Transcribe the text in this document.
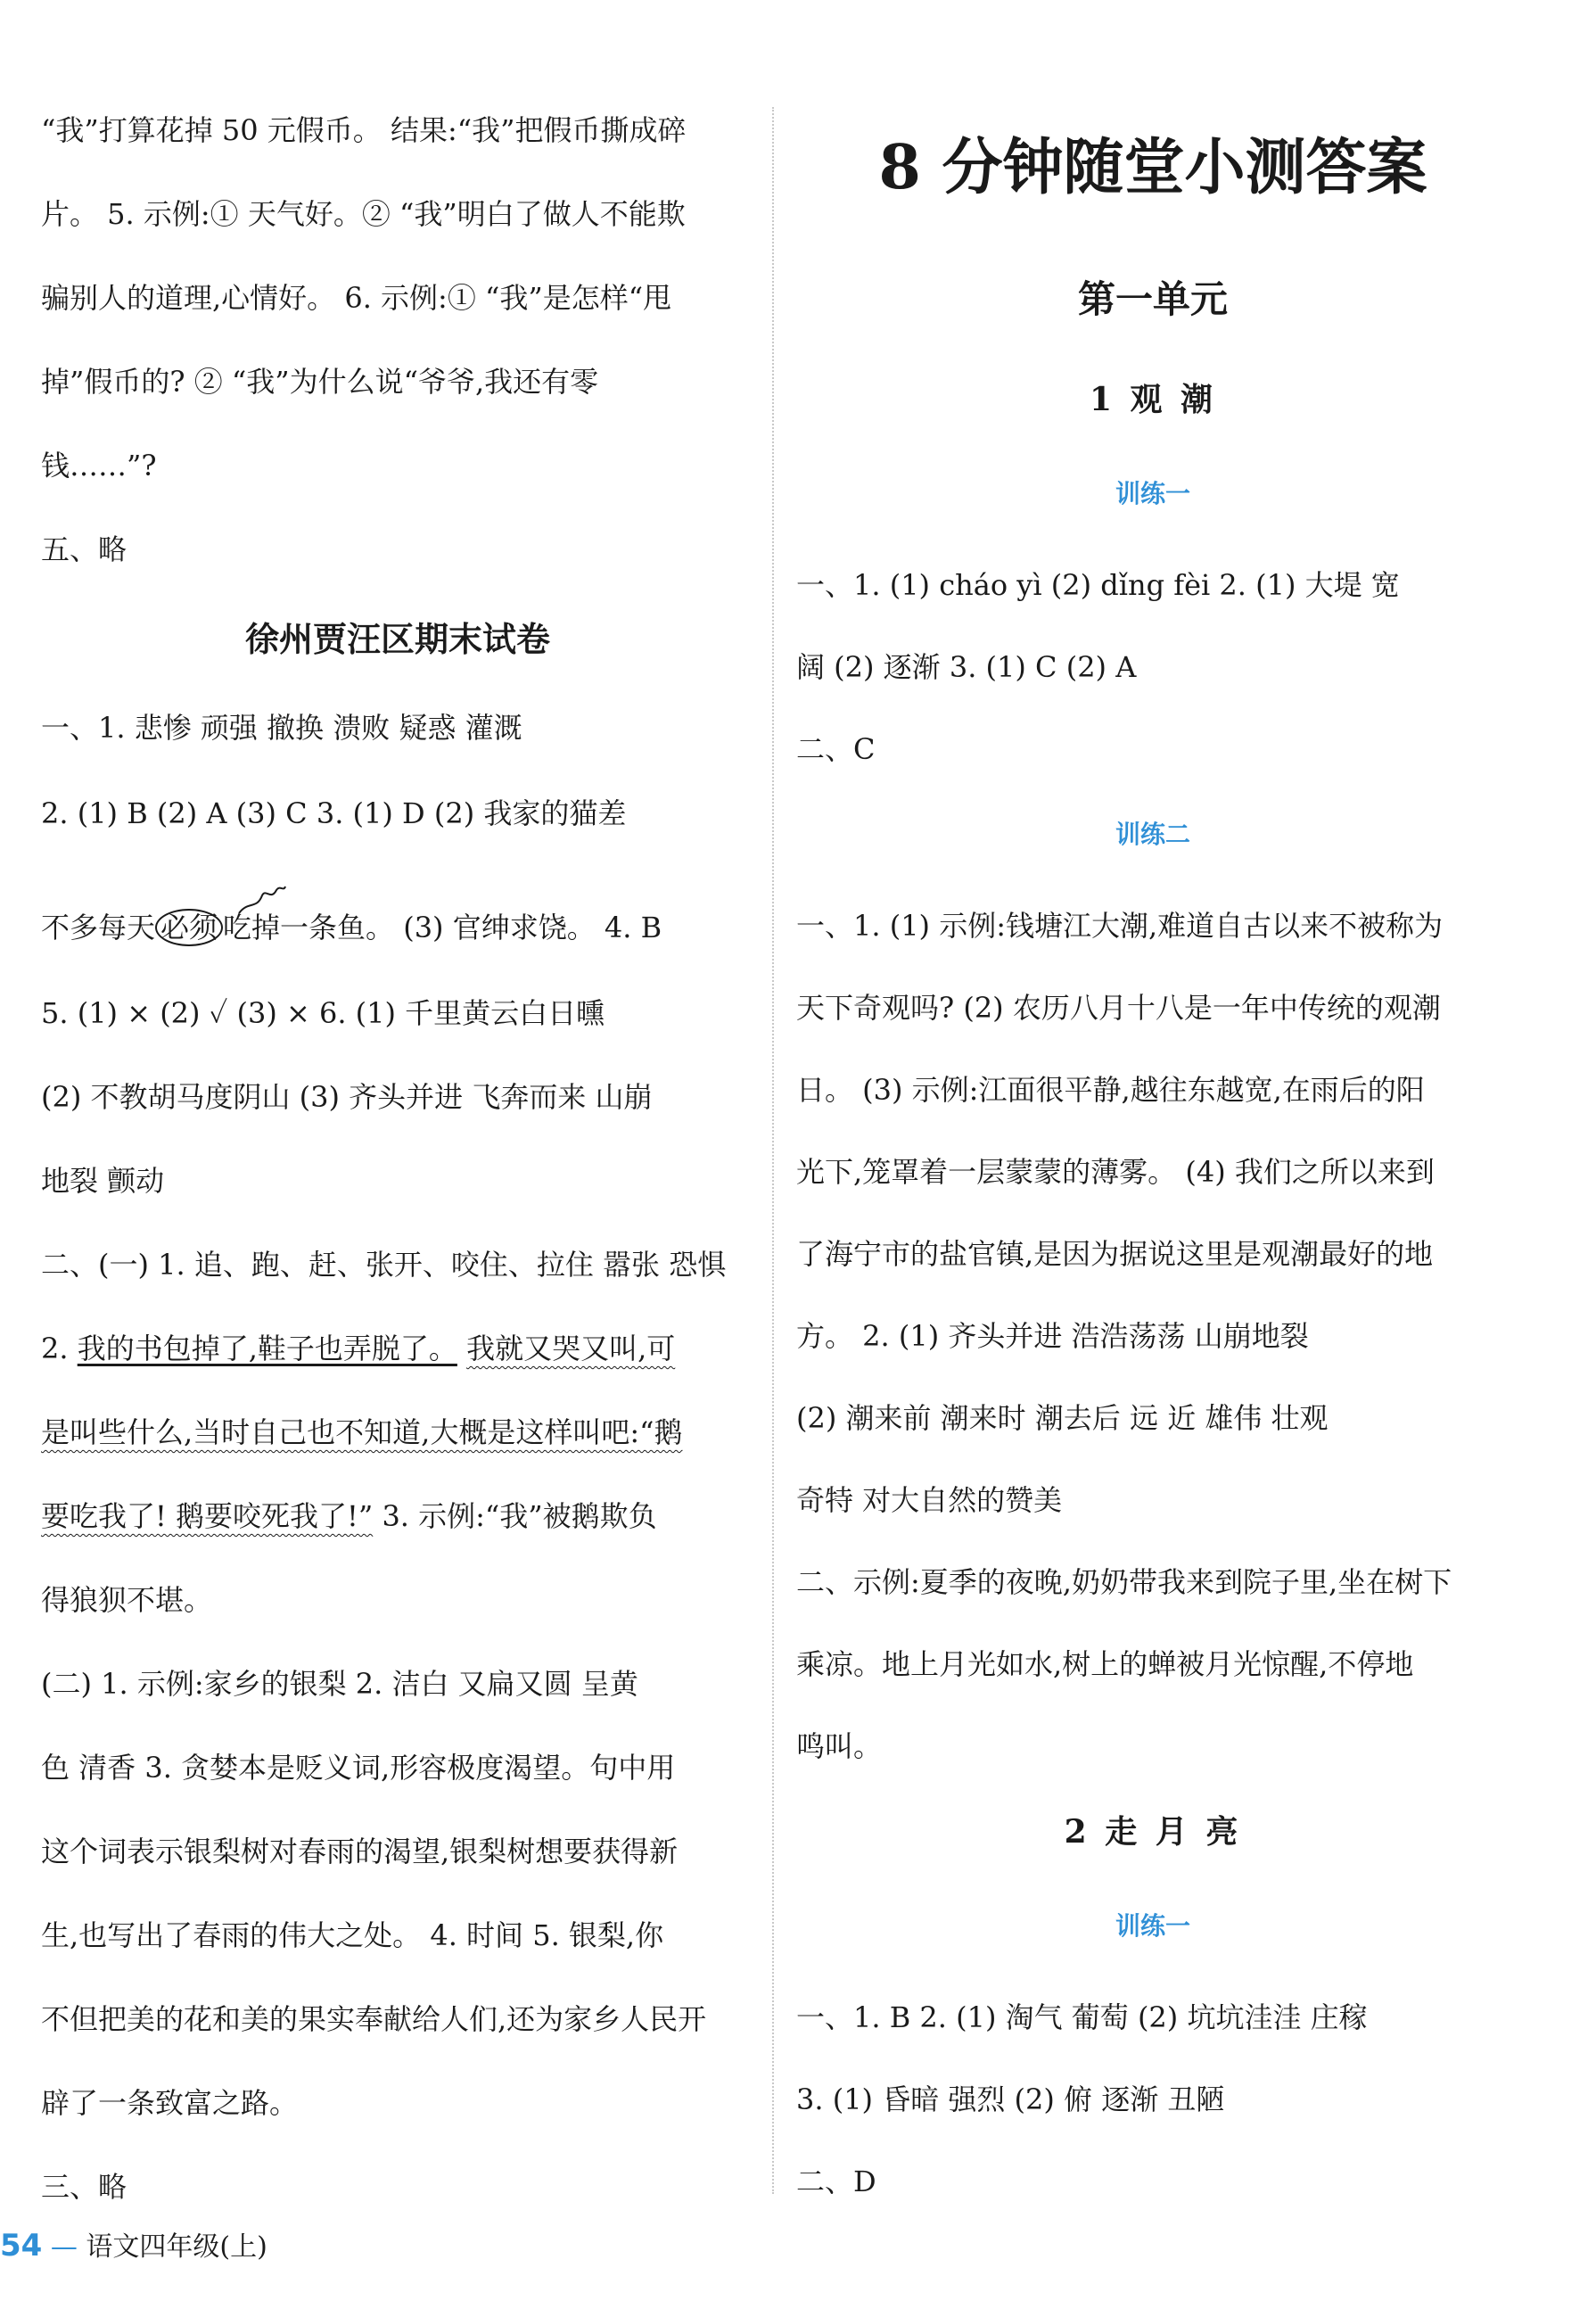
“我”打算花掉 50 元假币。 结果:“我”把假币撕成碎
片。 5. 示例:① 天气好。② “我”明白了做人不能欺
骗别人的道理,心情好。 6. 示例:① “我”是怎样“甩
掉”假币的? ② “我”为什么说“爷爷,我还有零
钱……”?
五、略
徐州贾汪区期末试卷
一、1. 悲惨 顽强 撤换 溃败 疑惑 灌溉
2. (1) B (2) A (3) C 3. (1) D (2) 我家的猫差
不多每天 必须 吃掉一条鱼。 (3) 官绅求饶。 4. B
5. (1) × (2) ✓ (3) × 6. (1) 千里黄云白日曛
(2) 不教胡马度阴山 (3) 齐头并进 飞奔而来 山崩
地裂 颤动
二、(一) 1. 追、跑、赶、张开、咬住、拉住 嚣张 恐惧
2. 我的书包掉了,鞋子也弄脱了。 我就又哭又叫,可
是叫些什么,当时自己也不知道,大概是这样叫吧:“鹅
要吃我了! 鹅要咬死我了!” 3. 示例:“我”被鹅欺负
得狼狈不堪。
(二) 1. 示例:家乡的银梨 2. 洁白 又扁又圆 呈黄
色 清香 3. 贪婪本是贬义词,形容极度渴望。句中用
这个词表示银梨树对春雨的渴望,银梨树想要获得新
生,也写出了春雨的伟大之处。 4. 时间 5. 银梨,你
不但把美的花和美的果实奉献给人们,还为家乡人民开
辟了一条致富之路。
三、略
54 — 语文四年级(上)
8 分钟随堂小测答案
第一单元
1 观 潮
训练一
一、1. (1) cháo yì (2) dǐng fèi 2. (1) 大堤 宽
阔 (2) 逐渐 3. (1) C (2) A
二、C
训练二
一、1. (1) 示例:钱塘江大潮,难道自古以来不被称为
天下奇观吗? (2) 农历八月十八是一年中传统的观潮
日。 (3) 示例:江面很平静,越往东越宽,在雨后的阳
光下,笼罩着一层蒙蒙的薄雾。 (4) 我们之所以来到
了海宁市的盐官镇,是因为据说这里是观潮最好的地
方。 2. (1) 齐头并进 浩浩荡荡 山崩地裂
(2) 潮来前 潮来时 潮去后 远 近 雄伟 壮观
奇特 对大自然的赞美
二、示例:夏季的夜晚,奶奶带我来到院子里,坐在树下
乘凉。地上月光如水,树上的蝉被月光惊醒,不停地
鸣叫。
2 走 月 亮
训练一
一、1. B 2. (1) 淘气 葡萄 (2) 坑坑洼洼 庄稼
3. (1) 昏暗 强烈 (2) 俯 逐渐 丑陋
二、D
